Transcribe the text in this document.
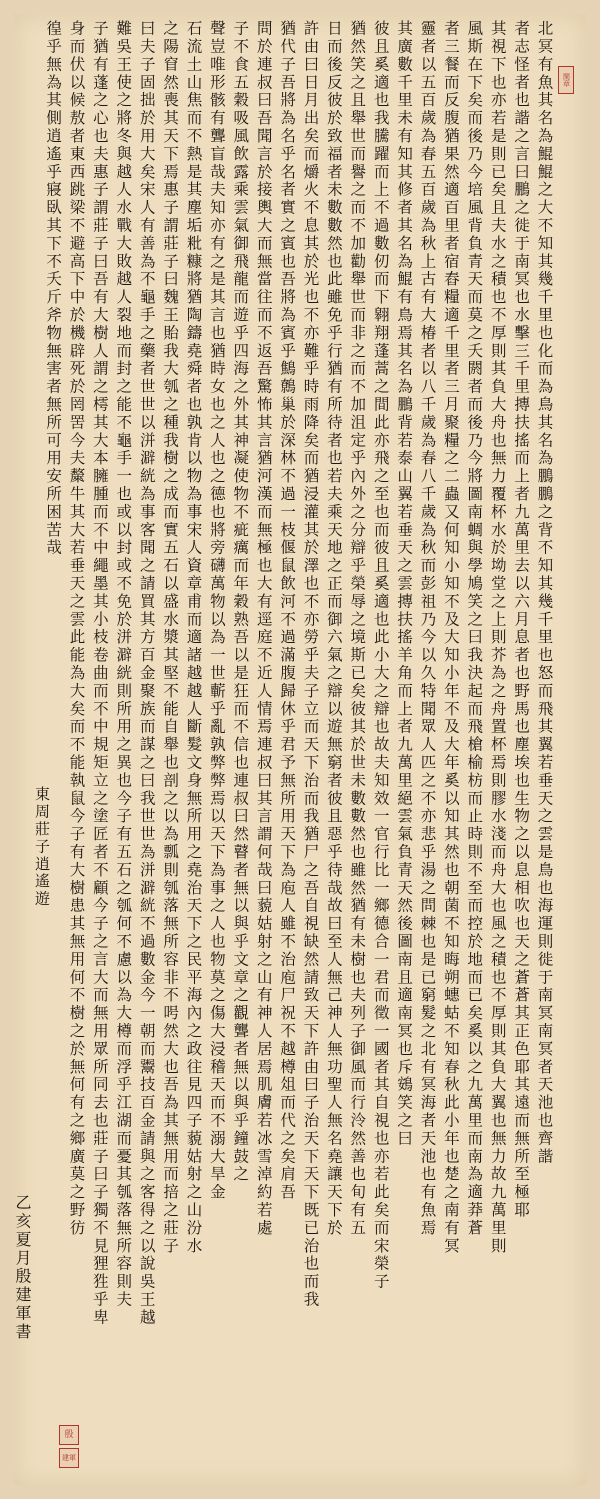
北冥有魚其名為鯤鯤之大不知其幾千里也化而為鳥其名為鵬鵬之背不知其幾千里也怒而飛其翼若垂天之雲是鳥也海運則徙于南冥南冥者天池也齊諧
者志怪者也諧之言曰鵬之徙于南冥也水擊三千里摶扶搖而上者九萬里去以六月息者也野馬也塵埃也生物之以息相吹也天之蒼蒼其正色耶其遠而無所至極耶
其視下也亦若是則已矣且夫水之積也不厚則其負大舟也無力覆杯水於坳堂之上則芥為之舟置杯焉則膠水淺而舟大也風之積也不厚則其負大翼也無力故九萬里則
風斯在下矣而後乃今培風背負青天而莫之夭閼者而後乃今將圖南蜩與學鳩笑之曰我決起而飛槍榆枋而止時則不至而控於地而已矣奚以之九萬里而南為適莽蒼
者三餐而反腹猶果然適百里者宿舂糧適千里者三月聚糧之二蟲又何知小知不及大知小年不及大年奚以知其然也朝菌不知晦朔蟪蛄不知春秋此小年也楚之南有冥
靈者以五百歲為春五百歲為秋上古有大椿者以八千歲為春八千歲為秋而彭祖乃今以久特聞眾人匹之不亦悲乎湯之問棘也是已窮髮之北有冥海者天池也有魚焉
其廣數千里未有知其修者其名為鯤有鳥焉其名為鵬背若泰山翼若垂天之雲摶扶搖羊角而上者九萬里絕雲氣負青天然後圖南且適南冥也斥鴳笑之曰
彼且奚適也我騰躍而上不過數仞而下翱翔蓬蒿之間此亦飛之至也而彼且奚適也此小大之辯也故夫知效一官行比一鄉德合一君而徵一國者其自視也亦若此矣而宋榮子
猶然笑之且舉世而譽之而不加勸舉世而非之而不加沮定乎內外之分辯乎榮辱之境斯已矣彼其於世未數數然也雖然猶有未樹也夫列子御風而行泠然善也旬有五
日而後反彼於致福者未數數然也此雖免乎行猶有所待者也若夫乘天地之正而御六氣之辯以遊無窮者彼且惡乎待哉故曰至人無己神人無功聖人無名堯讓天下於
許由曰日月出矣而爝火不息其於光也不亦難乎時雨降矣而猶浸灌其於澤也不亦勞乎夫子立而天下治而我猶尸之吾自視缺然請致天下許由曰子治天下天下既已治也而我
猶代子吾將為名乎名者實之賓也吾將為賓乎鷦鷯巢於深林不過一枝偃鼠飲河不過滿腹歸休乎君予無所用天下為庖人雖不治庖尸祝不越樽俎而代之矣肩吾
問於連叔曰吾聞言於接輿大而無當往而不返吾驚怖其言猶河漢而無極也大有逕庭不近人情焉連叔曰其言謂何哉曰藐姑射之山有神人居焉肌膚若冰雪淖約若處
子不食五穀吸風飲露乘雲氣御飛龍而遊乎四海之外其神凝使物不疵癘而年穀熟吾以是狂而不信也連叔曰然瞽者無以與乎文章之觀聾者無以與乎鐘鼓之
聲豈唯形骸有聾盲哉夫知亦有之是其言也猶時女也之人也之德也將旁礴萬物以為一世蘄乎亂孰弊弊焉以天下為事之人也物莫之傷大浸稽天而不溺大旱金
石流土山焦而不熱是其塵垢粃糠將猶陶鑄堯舜者也孰肯以物為事宋人資章甫而適諸越越人斷髮文身無所用之堯治天下之民平海內之政往見四子藐姑射之山汾水
之陽窅然喪其天下焉惠子謂莊子曰魏王貽我大瓠之種我樹之成而實五石以盛水漿其堅不能自舉也剖之以為瓢則瓠落無所容非不呺然大也吾為其無用而掊之莊子
曰夫子固拙於用大矣宋人有善為不龜手之藥者世世以洴澼絖為事客聞之請買其方百金聚族而謀之曰我世世為洴澼絖不過數金今一朝而鬻技百金請與之客得之以說吳王越
難吳王使之將冬與越人水戰大敗越人裂地而封之能不龜手一也或以封或不免於洴澼絖則所用之異也今子有五石之瓠何不慮以為大樽而浮乎江湖而憂其瓠落無所容則夫
子猶有蓬之心也夫惠子謂莊子曰吾有大樹人謂之樗其大本臃腫而不中繩墨其小枝卷曲而不中規矩立之塗匠者不顧今子之言大而無用眾所同去也莊子曰子獨不見狸狌乎卑
身而伏以候敖者東西跳梁不避高下中於機辟死於罔罟今夫斄牛其大若垂天之雲此能為大矣而不能執鼠今子有大樹患其無用何不樹之於無何有之鄉廣莫之野彷
徨乎無為其側逍遙乎寢臥其下不夭斤斧物無害者無所可用安所困苦哉
東周莊子逍遙遊
乙亥夏月殷建軍書
閑章
殷
建軍
